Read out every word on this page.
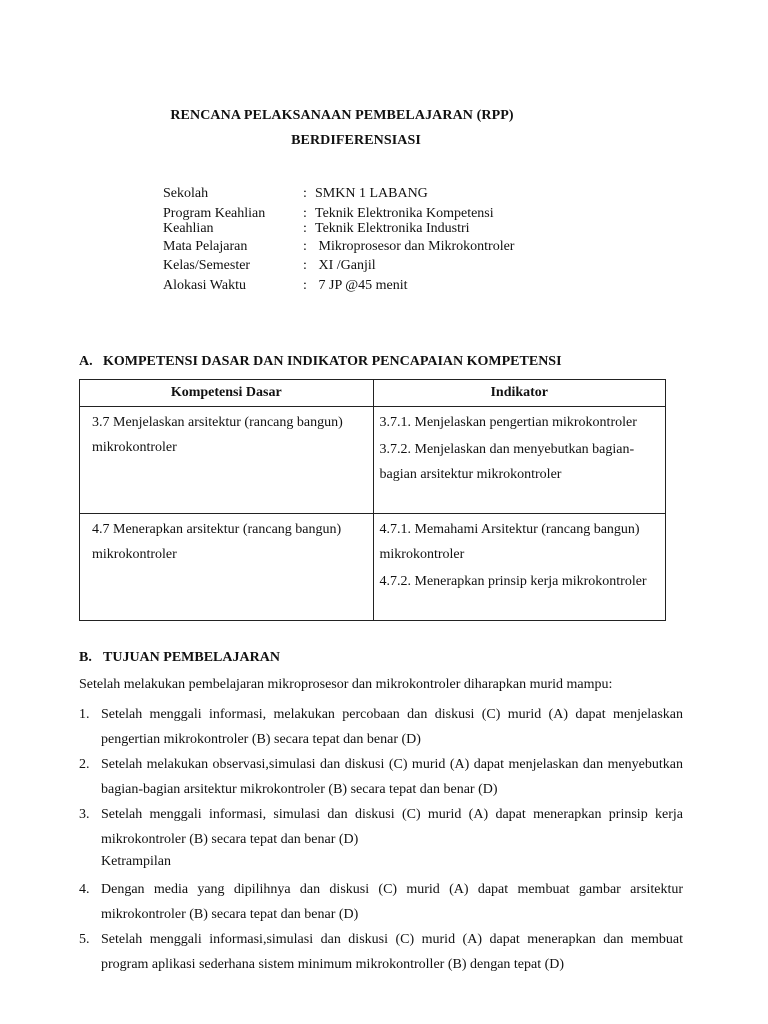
RENCANA PELAKSANAAN PEMBELAJARAN (RPP)
BERDIFERENSIASI
Sekolah	: SMKN 1 LABANG
Program Keahlian	: Teknik Elektronika Kompetensi
Keahlian	: Teknik Elektronika Industri
Mata Pelajaran	: Mikroprosesor dan Mikrokontroler
Kelas/Semester	: XI /Ganjil
Alokasi Waktu	: 7 JP @45 menit
A. KOMPETENSI DASAR DAN INDIKATOR PENCAPAIAN KOMPETENSI
Kompetensi Dasar	Indikator
3.7 Menjelaskan arsitektur (rancang bangun) mikrokontroler	3.7.1. Menjelaskan pengertian mikrokontroler
3.7.2. Menjelaskan dan menyebutkan bagian-bagian arsitektur mikrokontroler

4.7 Menerapkan arsitektur (rancang bangun) mikrokontroler	4.7.1. Memahami Arsitektur (rancang bangun) mikrokontroler
4.7.2. Menerapkan prinsip kerja mikrokontroler
B. TUJUAN PEMBELAJARAN
Setelah melakukan pembelajaran mikroprosesor dan mikrokontroler diharapkan murid mampu:
1. Setelah menggali informasi, melakukan percobaan dan diskusi (C) murid (A) dapat menjelaskan pengertian mikrokontroler (B) secara tepat dan benar (D)
2. Setelah melakukan observasi,simulasi dan diskusi (C) murid (A) dapat menjelaskan dan menyebutkan bagian-bagian arsitektur mikrokontroler (B) secara tepat dan benar (D)
3. Setelah menggali informasi, simulasi dan diskusi (C) murid (A) dapat menerapkan prinsip kerja mikrokontroler (B) secara tepat dan benar (D)
Ketrampilan
4. Dengan media yang dipilihnya dan diskusi (C) murid (A) dapat membuat gambar arsitektur mikrokontroler (B) secara tepat dan benar (D)
5. Setelah menggali informasi,simulasi dan diskusi (C) murid (A) dapat menerapkan dan membuat program aplikasi sederhana sistem minimum mikrokontroller (B) dengan tepat (D)
